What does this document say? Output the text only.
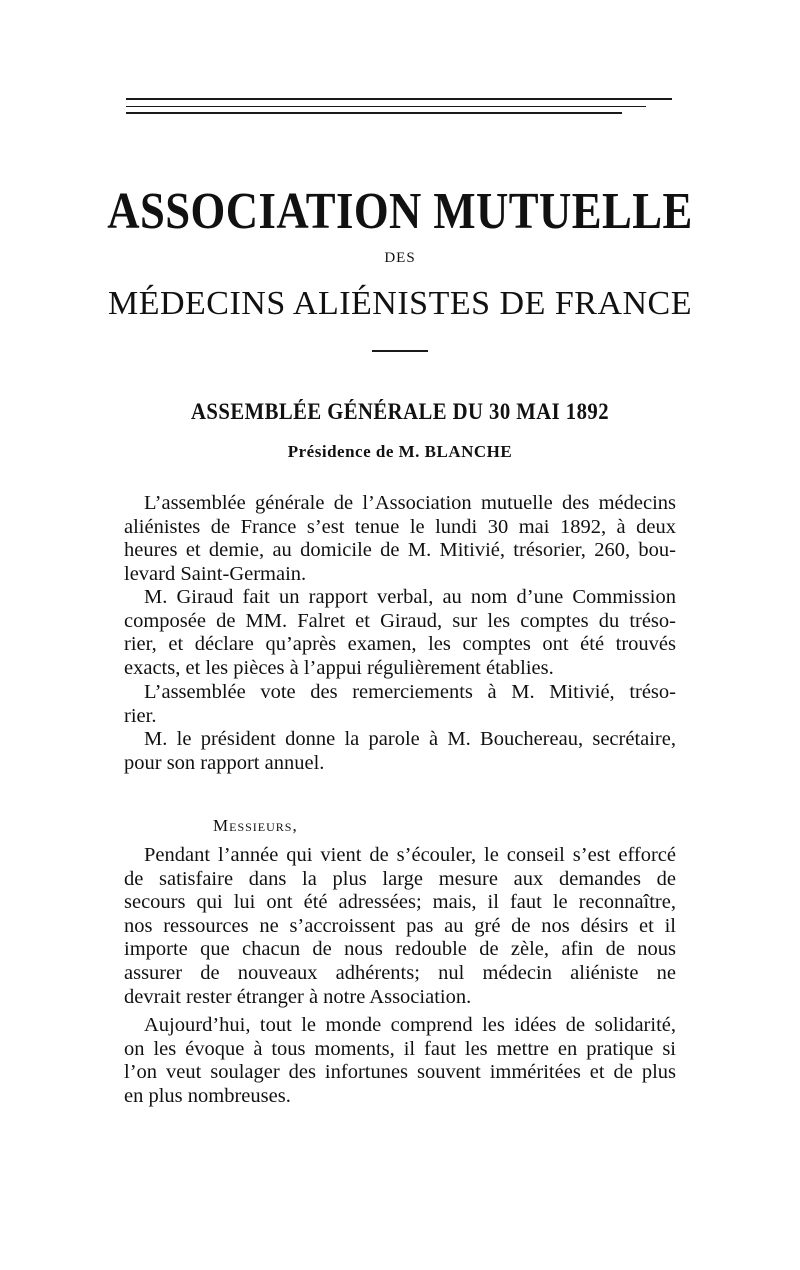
ASSOCIATION MUTUELLE
DES
MÉDECINS ALIÉNISTES DE FRANCE
ASSEMBLÉE GÉNÉRALE DU 30 MAI 1892
Présidence de M. BLANCHE
L’assemblée générale de l’Association mutuelle des médecins
aliénistes de France s’est tenue le lundi 30 mai 1892, à deux
heures et demie, au domicile de M. Mitivié, trésorier, 260, bou-
levard Saint-Germain.
M. Giraud fait un rapport verbal, au nom d’une Commission
composée de MM. Falret et Giraud, sur les comptes du tréso-
rier, et déclare qu’après examen, les comptes ont été trouvés
exacts, et les pièces à l’appui régulièrement établies.
L’assemblée vote des remerciements à M. Mitivié, tréso-
rier.
M. le président donne la parole à M. Bouchereau, secrétaire,
pour son rapport annuel.
Messieurs,
Pendant l’année qui vient de s’écouler, le conseil s’est efforcé
de satisfaire dans la plus large mesure aux demandes de
secours qui lui ont été adressées; mais, il faut le reconnaître,
nos ressources ne s’accroissent pas au gré de nos désirs et il
importe que chacun de nous redouble de zèle, afin de nous
assurer de nouveaux adhérents; nul médecin aliéniste ne
devrait rester étranger à notre Association.
Aujourd’hui, tout le monde comprend les idées de solidarité,
on les évoque à tous moments, il faut les mettre en pratique si
l’on veut soulager des infortunes souvent imméritées et de plus
en plus nombreuses.
